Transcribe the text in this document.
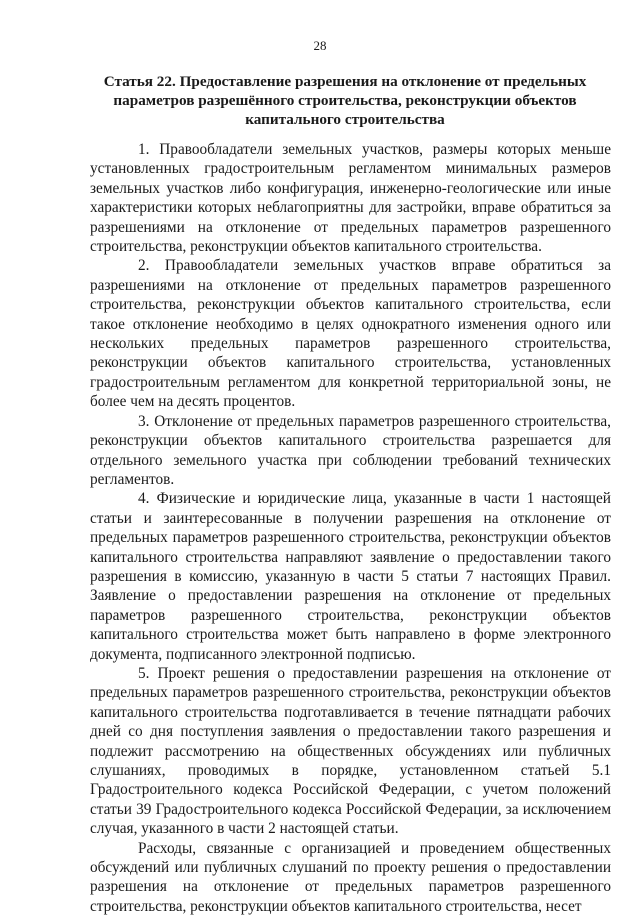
28
Статья 22. Предоставление разрешения на отклонение от предельных параметров разрешённого строительства, реконструкции объектов капитального строительства

1. Правообладатели земельных участков, размеры которых меньше установленных градостроительным регламентом минимальных размеров земельных участков либо конфигурация, инженерно-геологические или иные характеристики которых неблагоприятны для застройки, вправе обратиться за разрешениями на отклонение от предельных параметров разрешенного строительства, реконструкции объектов капитального строительства.

2. Правообладатели земельных участков вправе обратиться за разрешениями на отклонение от предельных параметров разрешенного строительства, реконструкции объектов капитального строительства, если такое отклонение необходимо в целях однократного изменения одного или нескольких предельных параметров разрешенного строительства, реконструкции объектов капитального строительства, установленных градостроительным регламентом для конкретной территориальной зоны, не более чем на десять процентов.

3. Отклонение от предельных параметров разрешенного строительства, реконструкции объектов капитального строительства разрешается для отдельного земельного участка при соблюдении требований технических регламентов.

4. Физические и юридические лица, указанные в части 1 настоящей статьи и заинтересованные в получении разрешения на отклонение от предельных параметров разрешенного строительства, реконструкции объектов капитального строительства направляют заявление о предоставлении такого разрешения в комиссию, указанную в части 5 статьи 7 настоящих Правил. Заявление о предоставлении разрешения на отклонение от предельных параметров разрешенного строительства, реконструкции объектов капитального строительства может быть направлено в форме электронного документа, подписанного электронной подписью.

5. Проект решения о предоставлении разрешения на отклонение от предельных параметров разрешенного строительства, реконструкции объектов капитального строительства подготавливается в течение пятнадцати рабочих дней со дня поступления заявления о предоставлении такого разрешения и подлежит рассмотрению на общественных обсуждениях или публичных слушаниях, проводимых в порядке, установленном статьей 5.1 Градостроительного кодекса Российской Федерации, с учетом положений статьи 39 Градостроительного кодекса Российской Федерации, за исключением случая, указанного в части 2 настоящей статьи.

Расходы, связанные с организацией и проведением общественных обсуждений или публичных слушаний по проекту решения о предоставлении разрешения на отклонение от предельных параметров разрешенного строительства, реконструкции объектов капитального строительства, несет
